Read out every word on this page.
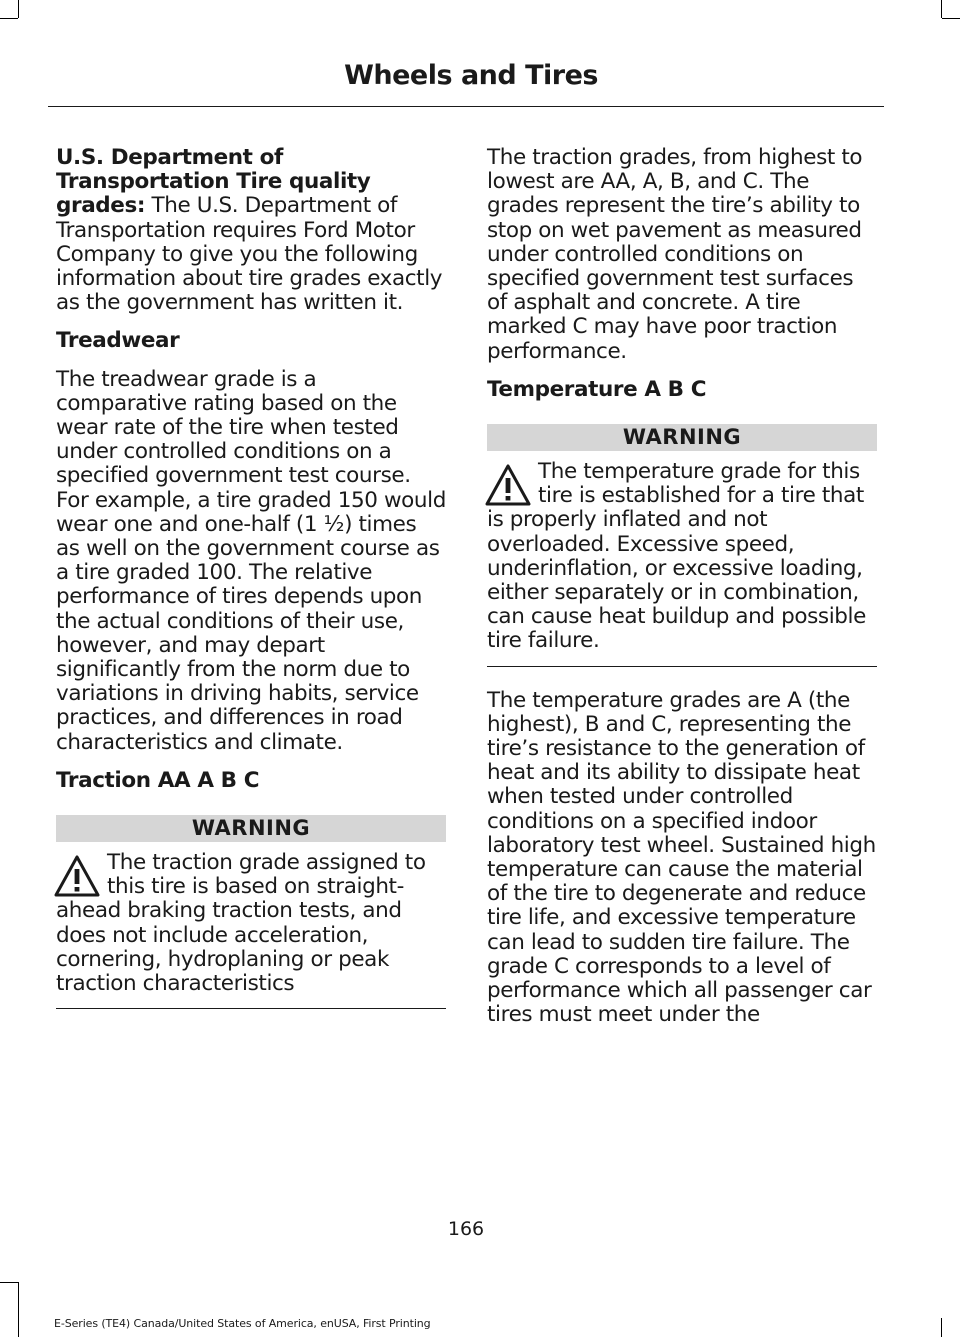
Wheels and Tires

U.S. Department of Transportation Tire quality grades: The U.S. Department of Transportation requires Ford Motor Company to give you the following information about tire grades exactly as the government has written it.

Treadwear

The treadwear grade is a comparative rating based on the wear rate of the tire when tested under controlled conditions on a specified government test course. For example, a tire graded 150 would wear one and one-half (1 ½) times as well on the government course as a tire graded 100. The relative performance of tires depends upon the actual conditions of their use, however, and may depart significantly from the norm due to variations in driving habits, service practices, and differences in road characteristics and climate.

Traction AA A B C
WARNING
The traction grade assigned to this tire is based on straight-ahead braking traction tests, and does not include acceleration, cornering, hydroplaning or peak traction characteristics

The traction grades, from highest to lowest are AA, A, B, and C. The grades represent the tire’s ability to stop on wet pavement as measured under controlled conditions on specified government test surfaces of asphalt and concrete. A tire marked C may have poor traction performance.

Temperature A B C
WARNING
The temperature grade for this tire is established for a tire that is properly inflated and not overloaded. Excessive speed, underinflation, or excessive loading, either separately or in combination, can cause heat buildup and possible tire failure.

The temperature grades are A (the highest), B and C, representing the tire’s resistance to the generation of heat and its ability to dissipate heat when tested under controlled conditions on a specified indoor laboratory test wheel. Sustained high temperature can cause the material of the tire to degenerate and reduce tire life, and excessive temperature can lead to sudden tire failure. The grade C corresponds to a level of performance which all passenger car tires must meet under the

166
E-Series (TE4) Canada/United States of America, enUSA, First Printing
